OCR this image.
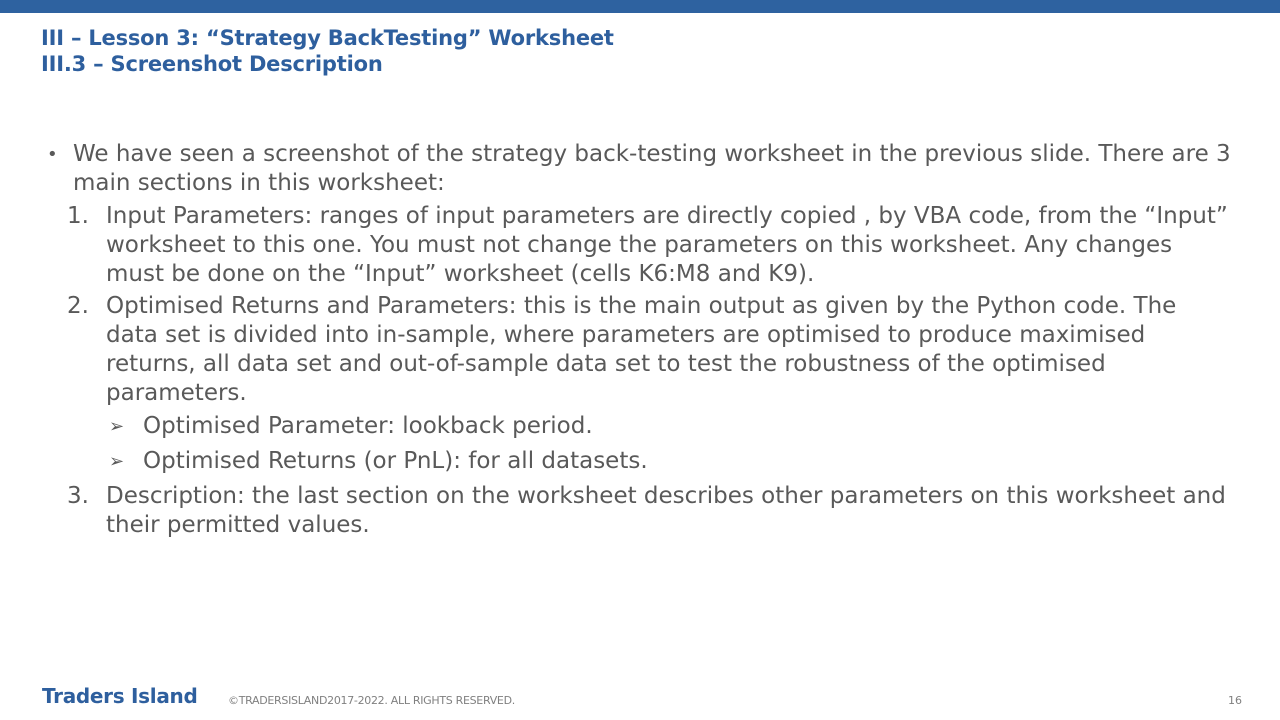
III – Lesson 3: “Strategy BackTesting” Worksheet
III.3 – Screenshot Description

• We have seen a screenshot of the strategy back-testing worksheet in the previous slide. There are 3 main sections in this worksheet:

1. Input Parameters: ranges of input parameters are directly copied , by VBA code, from the “Input” worksheet to this one. You must not change the parameters on this worksheet. Any changes must be done on the “Input” worksheet (cells K6:M8 and K9).

2. Optimised Returns and Parameters: this is the main output as given by the Python code. The data set is divided into in-sample, where parameters are optimised to produce maximised returns, all data set and out-of-sample data set to test the robustness of the optimised parameters.

➢ Optimised Parameter: lookback period.

➢ Optimised Returns (or PnL): for all datasets.

3. Description: the last section on the worksheet describes other parameters on this worksheet and their permitted values.

Traders Island	©TRADERSISLAND2017-2022. ALL RIGHTS RESERVED.	16
